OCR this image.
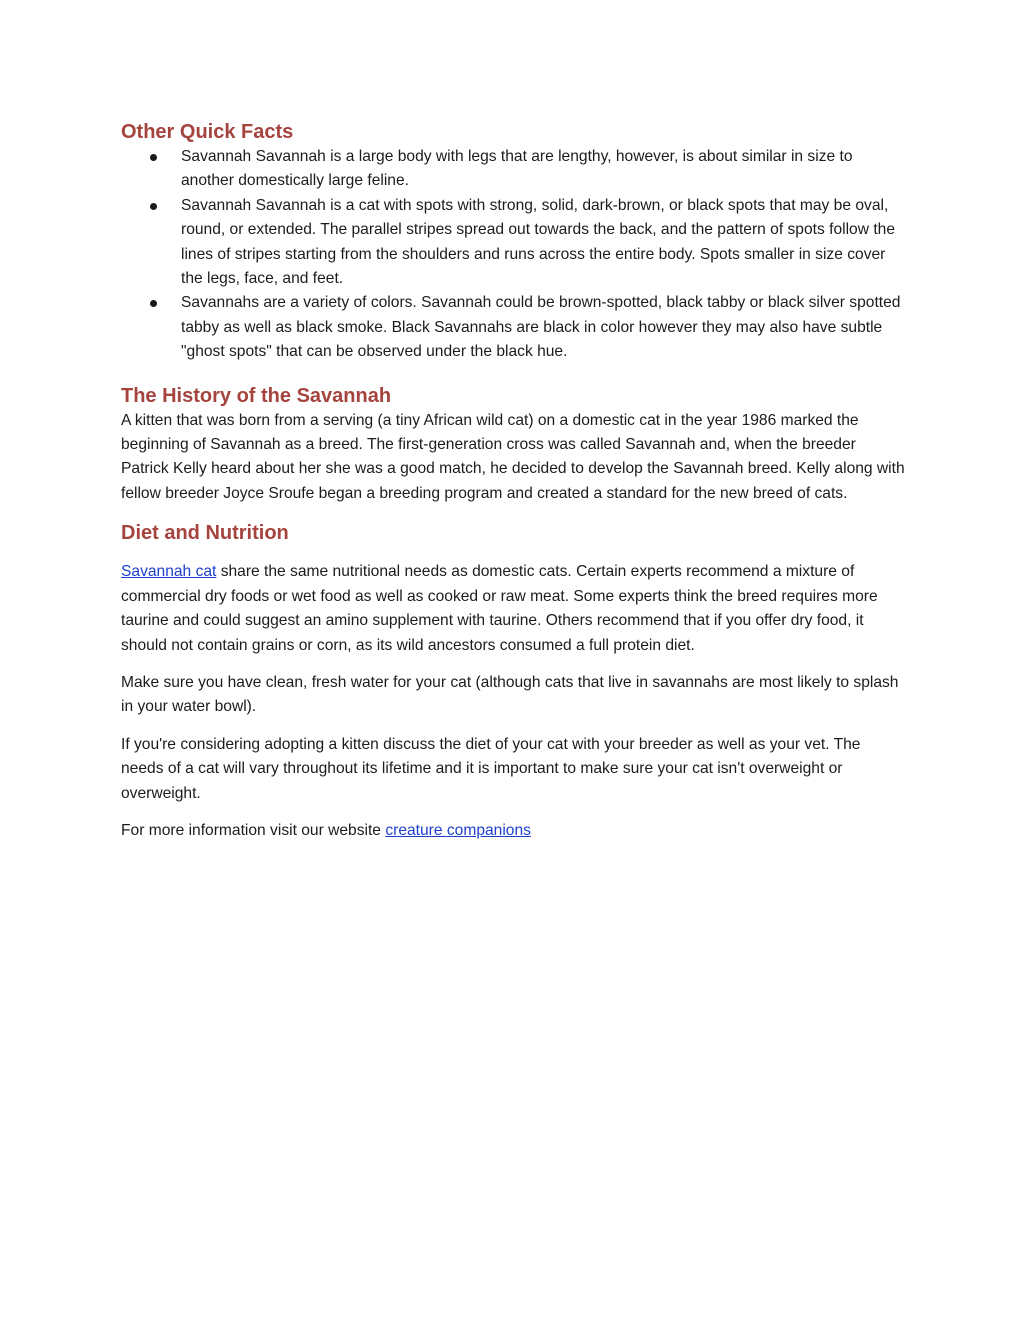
Other Quick Facts

Savannah Savannah is a large body with legs that are lengthy, however, is about similar in size to another domestically large feline.

Savannah Savannah is a cat with spots with strong, solid, dark-brown, or black spots that may be oval, round, or extended. The parallel stripes spread out towards the back, and the pattern of spots follow the lines of stripes starting from the shoulders and runs across the entire body. Spots smaller in size cover the legs, face, and feet.

Savannahs are a variety of colors. Savannah could be brown-spotted, black tabby or black silver spotted tabby as well as black smoke. Black Savannahs are black in color however they may also have subtle "ghost spots" that can be observed under the black hue.

The History of the Savannah

A kitten that was born from a serving (a tiny African wild cat) on a domestic cat in the year 1986 marked the beginning of Savannah as a breed. The first-generation cross was called Savannah and, when the breeder Patrick Kelly heard about her she was a good match, he decided to develop the Savannah breed. Kelly along with fellow breeder Joyce Sroufe began a breeding program and created a standard for the new breed of cats.

Diet and Nutrition

Savannah cat share the same nutritional needs as domestic cats. Certain experts recommend a mixture of commercial dry foods or wet food as well as cooked or raw meat. Some experts think the breed requires more taurine and could suggest an amino supplement with taurine. Others recommend that if you offer dry food, it should not contain grains or corn, as its wild ancestors consumed a full protein diet.

Make sure you have clean, fresh water for your cat (although cats that live in savannahs are most likely to splash in your water bowl).

If you're considering adopting a kitten discuss the diet of your cat with your breeder as well as your vet. The needs of a cat will vary throughout its lifetime and it is important to make sure your cat isn't overweight or overweight.

For more information visit our website creature companions
